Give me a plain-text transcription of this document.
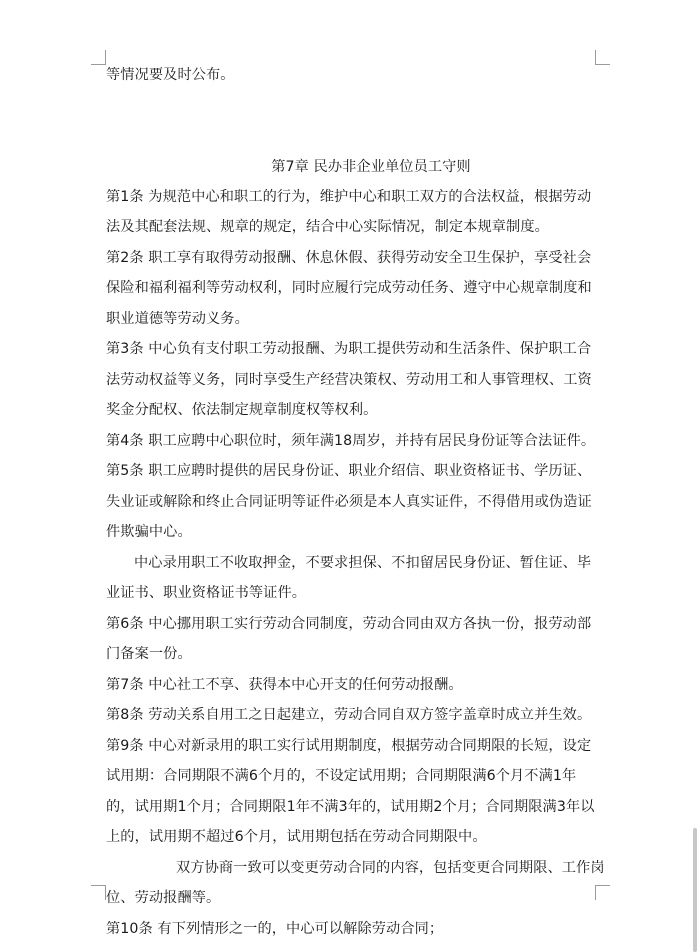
等情况要及时公布。
第7章 民办非企业单位员工守则
第1条 为规范中心和职工的行为，维护中心和职工双方的合法权益，根据劳动
法及其配套法规、规章的规定，结合中心实际情况，制定本规章制度。
第2条 职工享有取得劳动报酬、休息休假、获得劳动安全卫生保护，享受社会
保险和福利福利等劳动权利，同时应履行完成劳动任务、遵守中心规章制度和
职业道德等劳动义务。
第3条 中心负有支付职工劳动报酬、为职工提供劳动和生活条件、保护职工合
法劳动权益等义务，同时享受生产经营决策权、劳动用工和人事管理权、工资
奖金分配权、依法制定规章制度权等权利。
第4条 职工应聘中心职位时，须年满18周岁，并持有居民身份证等合法证件。
第5条 职工应聘时提供的居民身份证、职业介绍信、职业资格证书、学历证、
失业证或解除和终止合同证明等证件必须是本人真实证件，不得借用或伪造证
件欺骗中心。
中心录用职工不收取押金，不要求担保、不扣留居民身份证、暂住证、毕
业证书、职业资格证书等证件。
第6条 中心挪用职工实行劳动合同制度，劳动合同由双方各执一份，报劳动部
门备案一份。
第7条 中心社工不享、获得本中心开支的任何劳动报酬。
第8条 劳动关系自用工之日起建立，劳动合同自双方签字盖章时成立并生效。
第9条 中心对新录用的职工实行试用期制度，根据劳动合同期限的长短，设定
试用期：合同期限不满6个月的，不设定试用期；合同期限满6个月不满1年
的，试用期1个月；合同期限1年不满3年的，试用期2个月；合同期限满3年以
上的，试用期不超过6个月，试用期包括在劳动合同期限中。
双方协商一致可以变更劳动合同的内容，包括变更合同期限、工作岗
位、劳动报酬等。
第10条 有下列情形之一的，中心可以解除劳动合同；
